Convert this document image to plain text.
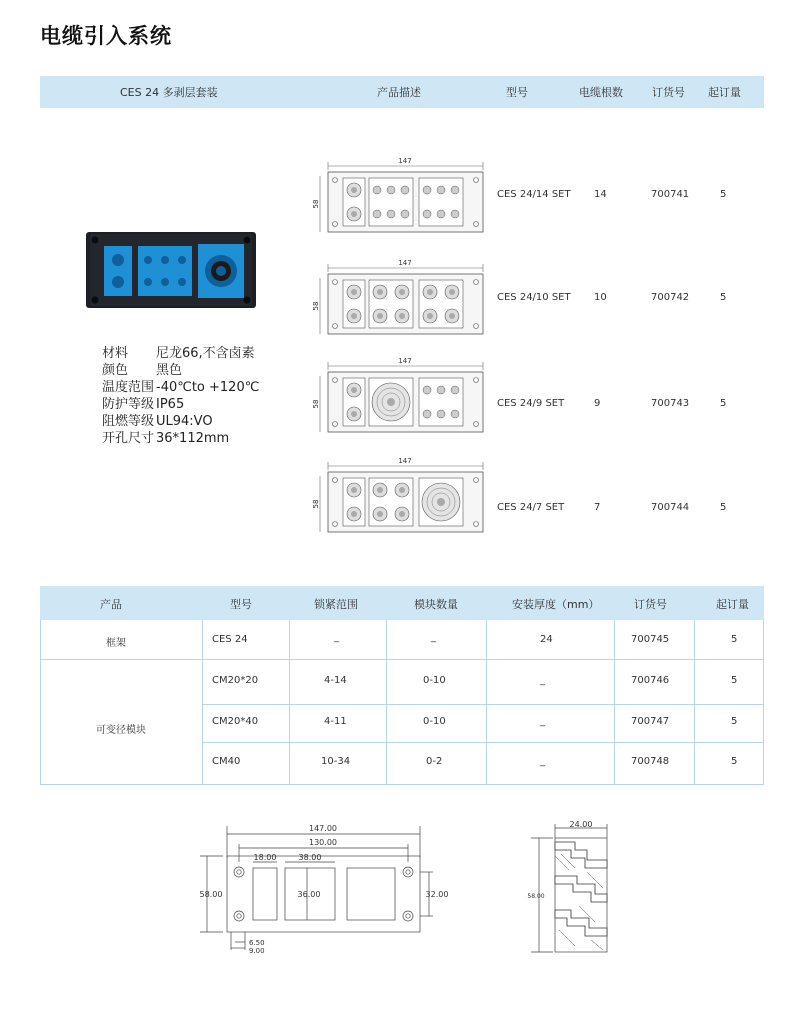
电缆引入系统
CES 24 多剥层套装	产品描述	型号	电缆根数	订货号 起订量
材料	尼龙66,不含卤素
颜色	黑色
温度范围 -40℃to +120℃
防护等级 IP65
阻燃等级 UL94:VO
开孔尺寸 36*112mm
147
58
147
58
147
58
147
58
CES 24/14 SET 14	700741	5
CES 24/10 SET 10	700742	5
CES 24/9 SET	9	700743	5
CES 24/7 SET	7	700744	5
产品	型号	锁紧范围	模块数量	安装厚度（mm）	订货号	起订量
框架	CES 24	_	_	24	700745	5
可变径模块
CM20*20	4-14	0-10	_	700746	5
CM20*40	4-11	0-10	_	700747	5
CM40	10-34	0-2	_	700748	5
147.00
130.00
18.00	38.00
58.00	36.00	32.00
6.50
9.00
24.00
58.00
